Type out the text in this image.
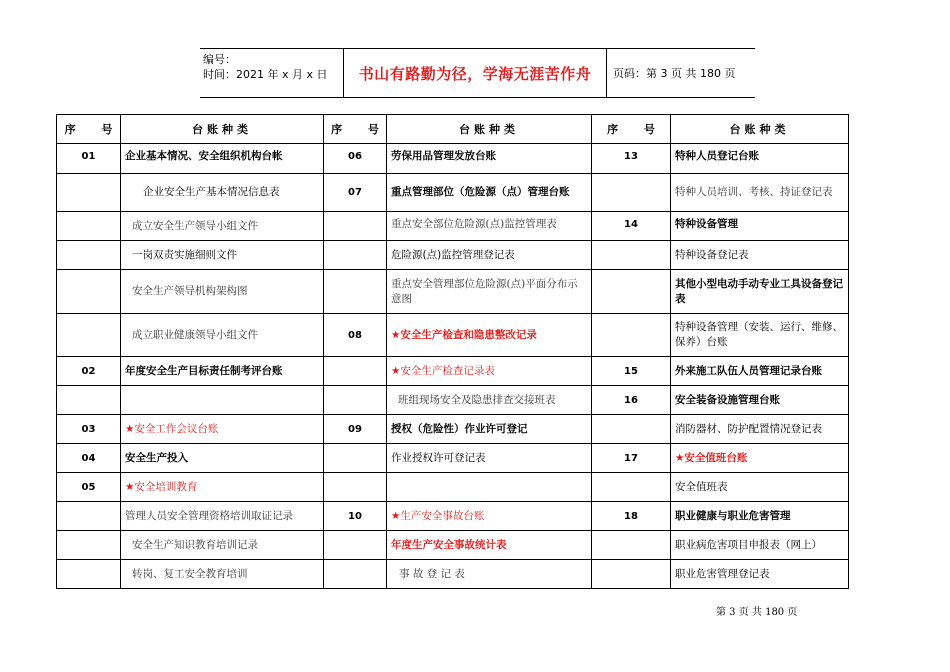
编号：
时间：2021 年 x 月 x 日	书山有路勤为径，学海无涯苦作舟	页码：第 3 页 共 180 页
序 号	台账种类	序 号	台账种类	序 号	台账种类
01	企业基本情况、安全组织机构台帐	06	劳保用品管理发放台账	13	特种人员登记台账
	企业安全生产基本情况信息表	07	重点管理部位（危险源（点）管理台账		特种人员培训、考核、持证登记表
	成立安全生产领导小组文件		重点安全部位危险源(点)监控管理表	14	特种设备管理
	一岗双责实施细则文件		危险源(点)监控管理登记表		特种设备登记表
	安全生产领导机构架构图		重点安全管理部位危险源(点)平面分布示意图		其他小型电动手动专业工具设备登记表
	成立职业健康领导小组文件	08	★安全生产检查和隐患整改记录		特种设备管理（安装、运行、维修、保养）台账
02	年度安全生产目标责任制考评台账		★安全生产检查记录表	15	外来施工队伍人员管理记录台账
			班组现场安全及隐患排查交接班表	16	安全装备设施管理台账
03	★安全工作会议台账	09	授权（危险性）作业许可登记		消防器材、防护配置情况登记表
04	安全生产投入		作业授权许可登记表	17	★安全值班台账
05	★安全培训教育				安全值班表
	管理人员安全管理资格培训取证记录	10	★生产安全事故台账	18	职业健康与职业危害管理
	安全生产知识教育培训记录		年度生产安全事故统计表		职业病危害项目申报表（网上）
	转岗、复工安全教育培训		事 故 登 记 表		职业危害管理登记表
第 3 页 共 180 页
